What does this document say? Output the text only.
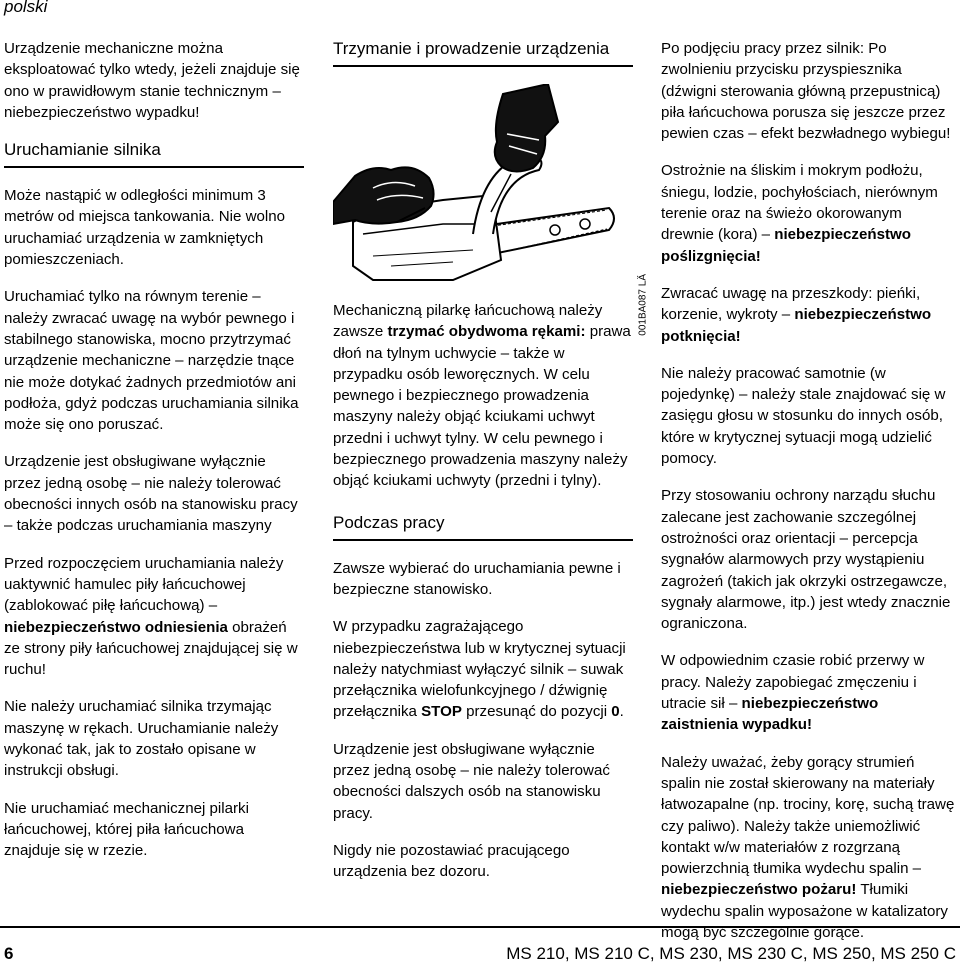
polski

Urządzenie mechaniczne można eksploatować tylko wtedy, jeżeli znajduje się ono w prawidłowym stanie technicznym – niebezpieczeństwo wypadku!

Uruchamianie silnika

Może nastąpić w odległości minimum 3 metrów od miejsca tankowania. Nie wolno uruchamiać urządzenia w zamkniętych pomieszczeniach.

Uruchamiać tylko na równym terenie – należy zwracać uwagę na wybór pewnego i stabilnego stanowiska, mocno przytrzymać urządzenie mechaniczne – narzędzie tnące nie może dotykać żadnych przedmiotów ani podłoża, gdyż podczas uruchamiania silnika może się ono poruszać.

Urządzenie jest obsługiwane wyłącznie przez jedną osobę – nie należy tolerować obecności innych osób na stanowisku pracy – także podczas uruchamiania maszyny

Przed rozpoczęciem uruchamiania należy uaktywnić hamulec piły łańcuchowej (zablokować piłę łańcuchową) – niebezpieczeństwo odniesienia obrażeń ze strony piły łańcuchowej znajdującej się w ruchu!

Nie należy uruchamiać silnika trzymając maszynę w rękach. Uruchamianie należy wykonać tak, jak to zostało opisane w instrukcji obsługi.

Nie uruchamiać mechanicznej pilarki łańcuchowej, której piła łańcuchowa znajduje się w rzezie.

Trzymanie i prowadzenie urządzenia
001BA087 LÄ

Mechaniczną pilarkę łańcuchową należy zawsze trzymać obydwoma rękami: prawa dłoń na tylnym uchwycie – także w przypadku osób leworęcznych. W celu pewnego i bezpiecznego prowadzenia maszyny należy objąć kciukami uchwyt przedni i uchwyt tylny. W celu pewnego i bezpiecznego prowadzenia maszyny należy objąć kciukami uchwyty (przedni i tylny).

Podczas pracy

Zawsze wybierać do uruchamiania pewne i bezpieczne stanowisko.

W przypadku zagrażającego niebezpieczeństwa lub w krytycznej sytuacji należy natychmiast wyłączyć silnik – suwak przełącznika wielofunkcyjnego / dźwignię przełącznika STOP przesunąć do pozycji 0.

Urządzenie jest obsługiwane wyłącznie przez jedną osobę – nie należy tolerować obecności dalszych osób na stanowisku pracy.

Nigdy nie pozostawiać pracującego urządzenia bez dozoru.

Po podjęciu pracy przez silnik: Po zwolnieniu przycisku przyspiesznika (dźwigni sterowania główną przepustnicą) piła łańcuchowa porusza się jeszcze przez pewien czas – efekt bezwładnego wybiegu!

Ostrożnie na śliskim i mokrym podłożu, śniegu, lodzie, pochyłościach, nierównym terenie oraz na świeżo okorowanym drewnie (kora) – niebezpieczeństwo poślizgnięcia!

Zwracać uwagę na przeszkody: pieńki, korzenie, wykroty – niebezpieczeństwo potknięcia!

Nie należy pracować samotnie (w pojedynkę) – należy stale znajdować się w zasięgu głosu w stosunku do innych osób, które w krytycznej sytuacji mogą udzielić pomocy.

Przy stosowaniu ochrony narządu słuchu zalecane jest zachowanie szczególnej ostrożności oraz orientacji – percepcja sygnałów alarmowych przy wystąpieniu zagrożeń (takich jak okrzyki ostrzegawcze, sygnały alarmowe, itp.) jest wtedy znacznie ograniczona.

W odpowiednim czasie robić przerwy w pracy. Należy zapobiegać zmęczeniu i utracie sił – niebezpieczeństwo zaistnienia wypadku!

Należy uważać, żeby gorący strumień spalin nie został skierowany na materiały łatwozapalne (np. trociny, korę, suchą trawę czy paliwo). Należy także uniemożliwić kontakt w/w materiałów z rozgrzaną powierzchnią tłumika wydechu spalin – niebezpieczeństwo pożaru! Tłumiki wydechu spalin wyposażone w katalizatory mogą być szczególnie gorące.

6	MS 210, MS 210 C, MS 230, MS 230 C, MS 250, MS 250 C
